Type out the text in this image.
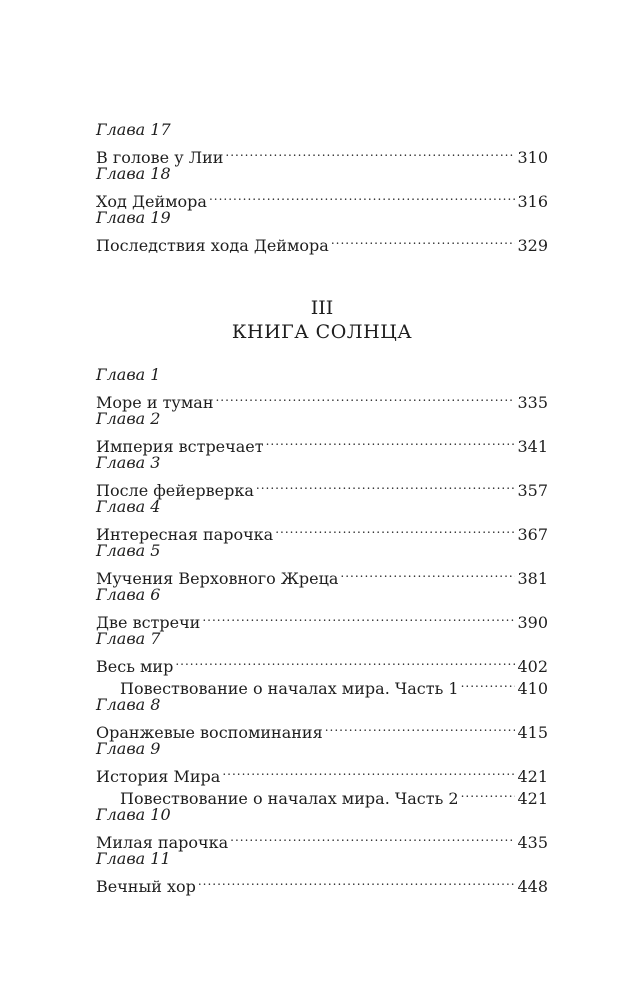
Глава 17
В голове у Лии .....	310
Глава 18
Ход Деймора .....	316
Глава 19
Последствия хода Деймора .....	329
III
КНИГА СОЛНЦА
Глава 1
Море и туман .....	335
Глава 2
Империя встречает .....	341
Глава 3
После фейерверка .....	357
Глава 4
Интересная парочка .....	367
Глава 5
Мучения Верховного Жреца .....	381
Глава 6
Две встречи .....	390
Глава 7
Весь мир .....	402
Повествование о началах мира. Часть 1 .....	410
Глава 8
Оранжевые воспоминания .....	415
Глава 9
История Мира .....	421
Повествование о началах мира. Часть 2 .....	421
Глава 10
Милая парочка .....	435
Глава 11
Вечный хор .....	448
